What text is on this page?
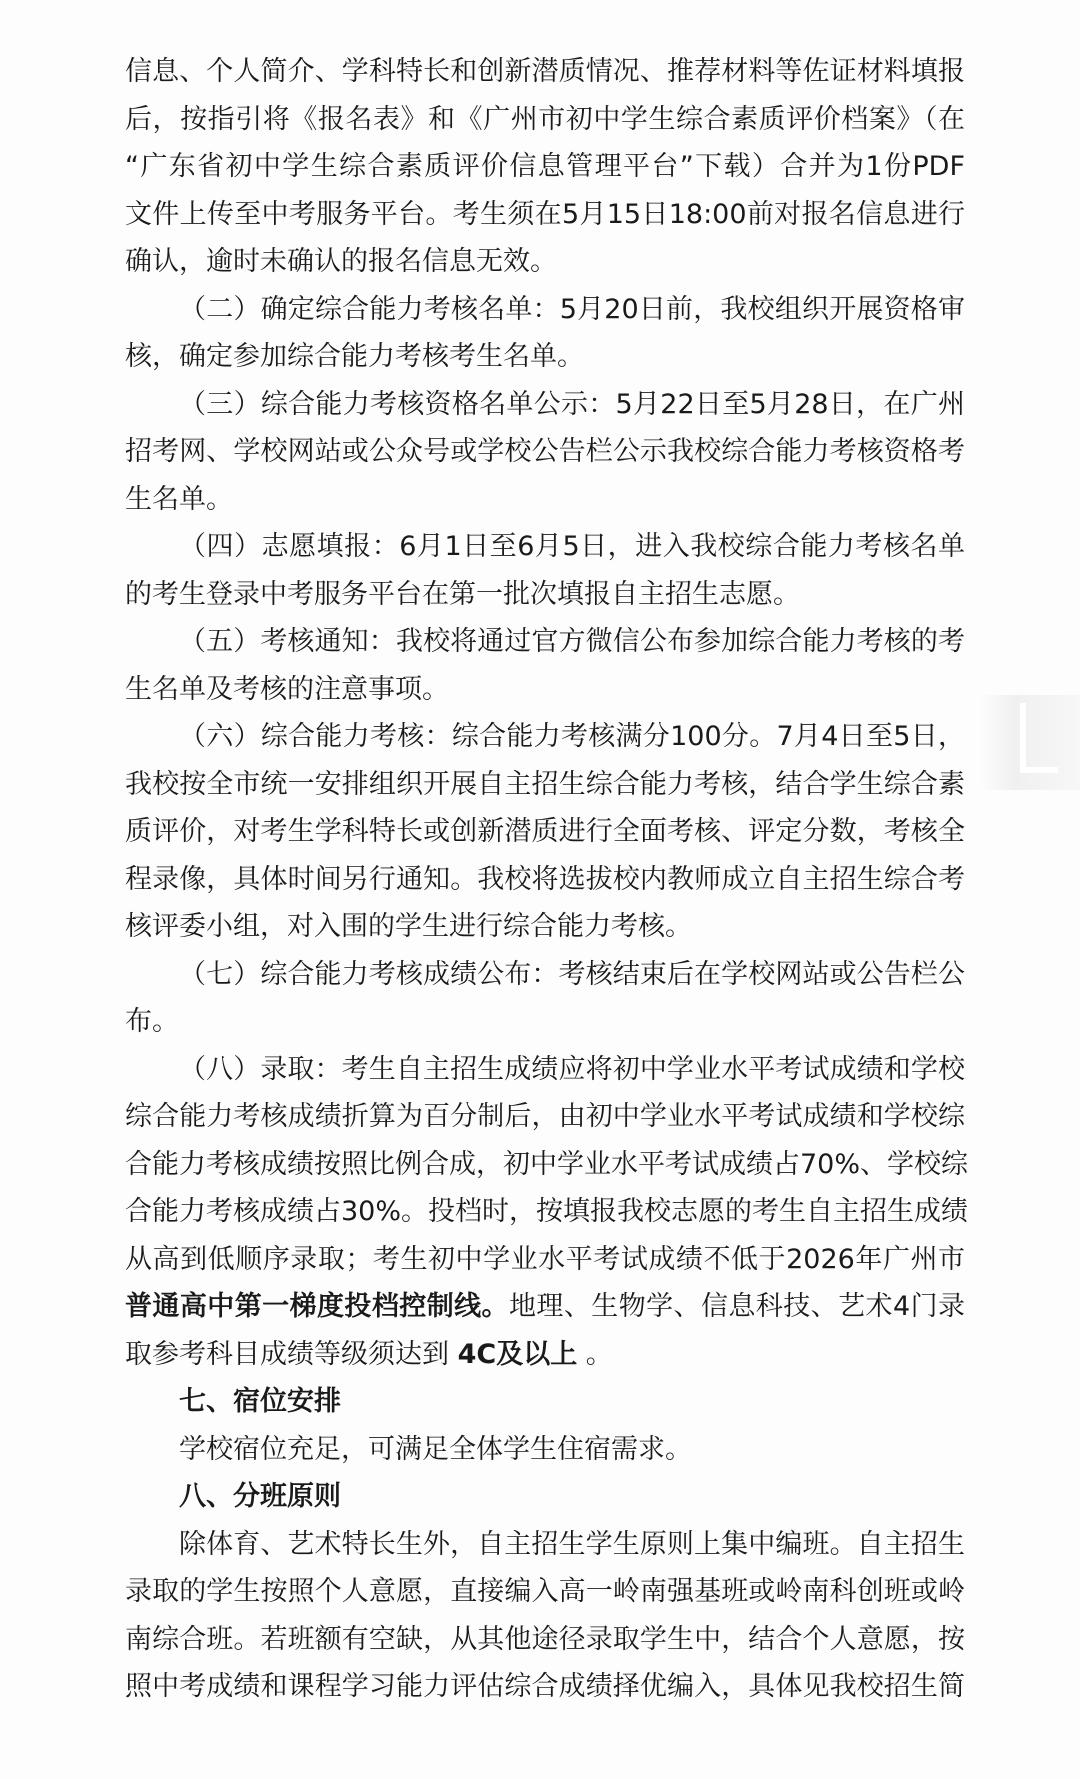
信息、个人简介、学科特长和创新潜质情况、推荐材料等佐证材料填报
后，按指引将《报名表》和《广州市初中学生综合素质评价档案》（在
“广东省初中学生综合素质评价信息管理平台”下载）合并为1份PDF
文件上传至中考服务平台。考生须在5月15日18:00前对报名信息进行
确认，逾时未确认的报名信息无效。
（二）确定综合能力考核名单：5月20日前，我校组织开展资格审
核，确定参加综合能力考核考生名单。
（三）综合能力考核资格名单公示：5月22日至5月28日，在广州
招考网、学校网站或公众号或学校公告栏公示我校综合能力考核资格考
生名单。
（四）志愿填报：6月1日至6月5日，进入我校综合能力考核名单
的考生登录中考服务平台在第一批次填报自主招生志愿。
（五）考核通知：我校将通过官方微信公布参加综合能力考核的考
生名单及考核的注意事项。
（六）综合能力考核：综合能力考核满分100分。7月4日至5日，
我校按全市统一安排组织开展自主招生综合能力考核，结合学生综合素
质评价，对考生学科特长或创新潜质进行全面考核、评定分数，考核全
程录像，具体时间另行通知。我校将选拔校内教师成立自主招生综合考
核评委小组，对入围的学生进行综合能力考核。
（七）综合能力考核成绩公布：考核结束后在学校网站或公告栏公
布。
（八）录取：考生自主招生成绩应将初中学业水平考试成绩和学校
综合能力考核成绩折算为百分制后，由初中学业水平考试成绩和学校综
合能力考核成绩按照比例合成，初中学业水平考试成绩占70%、学校综
合能力考核成绩占30%。投档时，按填报我校志愿的考生自主招生成绩
从高到低顺序录取；考生初中学业水平考试成绩不低于2026年广州市
普通高中第一梯度投档控制线。地理、生物学、信息科技、艺术4门录
取参考科目成绩等级须达到 4C及以上 。
七、宿位安排
学校宿位充足，可满足全体学生住宿需求。
八、分班原则
除体育、艺术特长生外，自主招生学生原则上集中编班。自主招生
录取的学生按照个人意愿，直接编入高一岭南强基班或岭南科创班或岭
南综合班。若班额有空缺，从其他途径录取学生中，结合个人意愿，按
照中考成绩和课程学习能力评估综合成绩择优编入，具体见我校招生简
